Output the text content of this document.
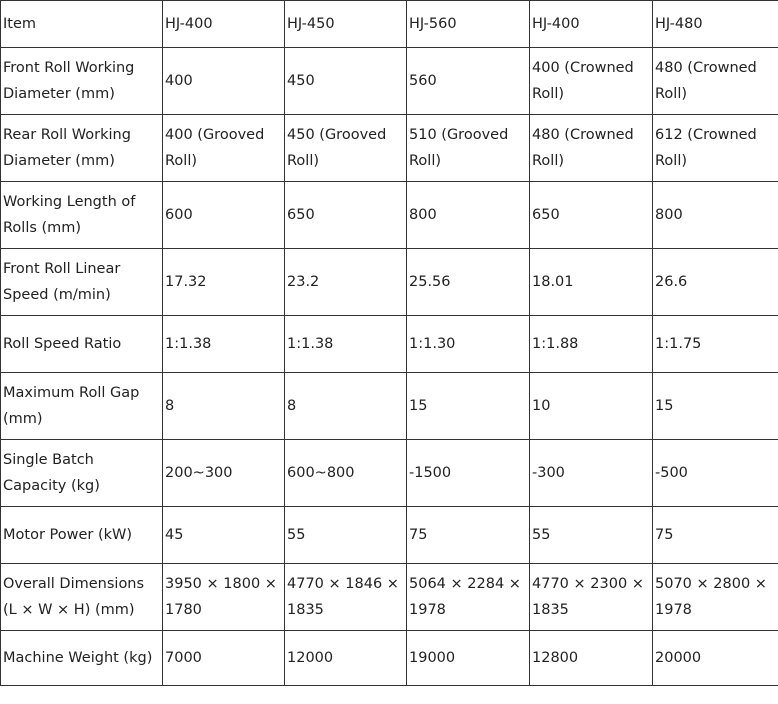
Item	HJ-400	HJ-450	HJ-560	HJ-400	HJ-480
Front Roll Working Diameter (mm)	400	450	560	400 (Crowned Roll)	480 (Crowned Roll)
Rear Roll Working Diameter (mm)	400 (Grooved Roll)	450 (Grooved Roll)	510 (Grooved Roll)	480 (Crowned Roll)	612 (Crowned Roll)
Working Length of Rolls (mm)	600	650	800	650	800
Front Roll Linear Speed (m/min)	17.32	23.2	25.56	18.01	26.6
Roll Speed Ratio	1:1.38	1:1.38	1:1.30	1:1.88	1:1.75
Maximum Roll Gap (mm)	8	8	15	10	15
Single Batch Capacity (kg)	200~300	600~800	-1500	-300	-500
Motor Power (kW)	45	55	75	55	75
Overall Dimensions (L × W × H) (mm)	3950 × 1800 × 1780	4770 × 1846 × 1835	5064 × 2284 × 1978	4770 × 2300 × 1835	5070 × 2800 × 1978
Machine Weight (kg)	7000	12000	19000	12800	20000
